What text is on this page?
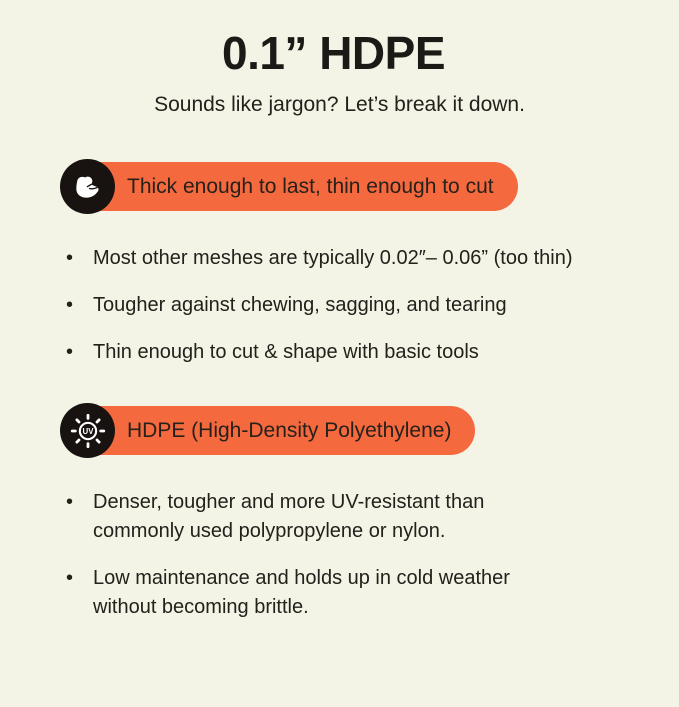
0.1” HDPE

Sounds like jargon? Let’s break it down.

Thick enough to last, thin enough to cut
• Most other meshes are typically 0.02″– 0.06” (too thin)
• Tougher against chewing, sagging, and tearing
• Thin enough to cut & shape with basic tools
UV	HDPE (High-Density Polyethylene)
• Denser, tougher and more UV-resistant than commonly used polypropylene or nylon.
• Low maintenance and holds up in cold weather without becoming brittle.
